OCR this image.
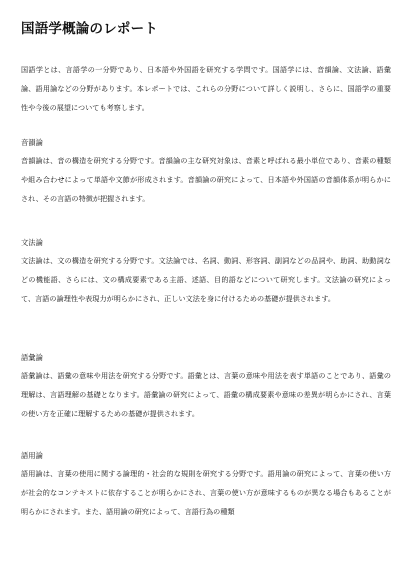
国語学概論のレポート

国語学とは、言語学の一分野であり、日本語や外国語を研究する学問です。国語学には、音韻論、文法論、語彙論、語用論などの分野があります。本レポートでは、これらの分野について詳しく説明し、さらに、国語学の重要性や今後の展望についても考察します。

音韻論

音韻論は、音の構造を研究する分野です。音韻論の主な研究対象は、音素と呼ばれる最小単位であり、音素の種類や組み合わせによって単語や文節が形成されます。音韻論の研究によって、日本語や外国語の音韻体系が明らかにされ、その言語の特徴が把握されます。

文法論

文法論は、文の構造を研究する分野です。文法論では、名詞、動詞、形容詞、副詞などの品詞や、助詞、助動詞などの機能語、さらには、文の構成要素である主語、述語、目的語などについて研究します。文法論の研究によって、言語の論理性や表現力が明らかにされ、正しい文法を身に付けるための基礎が提供されます。

語彙論

語彙論は、語彙の意味や用法を研究する分野です。語彙とは、言葉の意味や用法を表す単語のことであり、語彙の理解は、言語理解の基礎となります。語彙論の研究によって、語彙の構成要素や意味の差異が明らかにされ、言葉の使い方を正確に理解するための基礎が提供されます。

語用論

語用論は、言葉の使用に関する論理的・社会的な規則を研究する分野です。語用論の研究によって、言葉の使い方が社会的なコンテキストに依存することが明らかにされ、言葉の使い方が意味するものが異なる場合もあることが明らかにされます。また、語用論の研究によって、言語行為の種類
